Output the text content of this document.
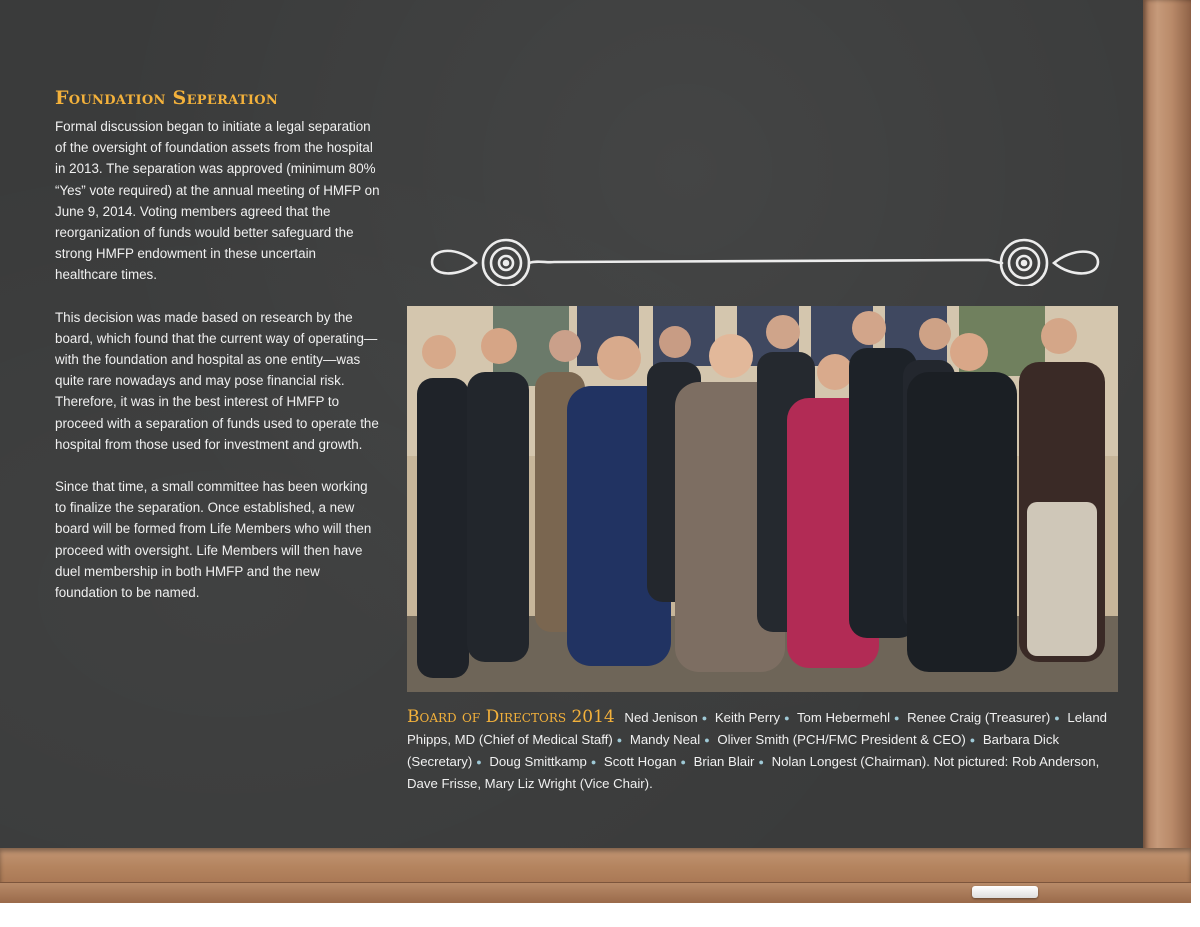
Foundation Seperation

Formal discussion began to initiate a legal separation of the oversight of foundation assets from the hospital in 2013. The separation was approved (minimum 80% “Yes” vote required) at the annual meeting of HMFP on June 9, 2014. Voting members agreed that the reorganization of funds would better safeguard the strong HMFP endowment in these uncertain healthcare times.

This decision was made based on research by the board, which found that the current way of operating—with the foundation and hospital as one entity—was quite rare nowadays and may pose financial risk. Therefore, it was in the best interest of HMFP to proceed with a separation of funds used to operate the hospital from those used for investment and growth.

Since that time, a small committee has been working to finalize the separation. Once established, a new board will be formed from Life Members who will then proceed with oversight. Life Members will then have duel membership in both HMFP and the new foundation to be named.

Board of Directors 2014 Ned Jenison ● Keith Perry ● Tom Hebermehl ● Renee Craig (Treasurer) ● Leland Phipps, MD (Chief of Medical Staff) ● Mandy Neal ● Oliver Smith (PCH/FMC President & CEO) ● Barbara Dick (Secretary) ● Doug Smittkamp ● Scott Hogan ● Brian Blair ● Nolan Longest (Chairman). Not pictured: Rob Anderson, Dave Frisse, Mary Liz Wright (Vice Chair).
